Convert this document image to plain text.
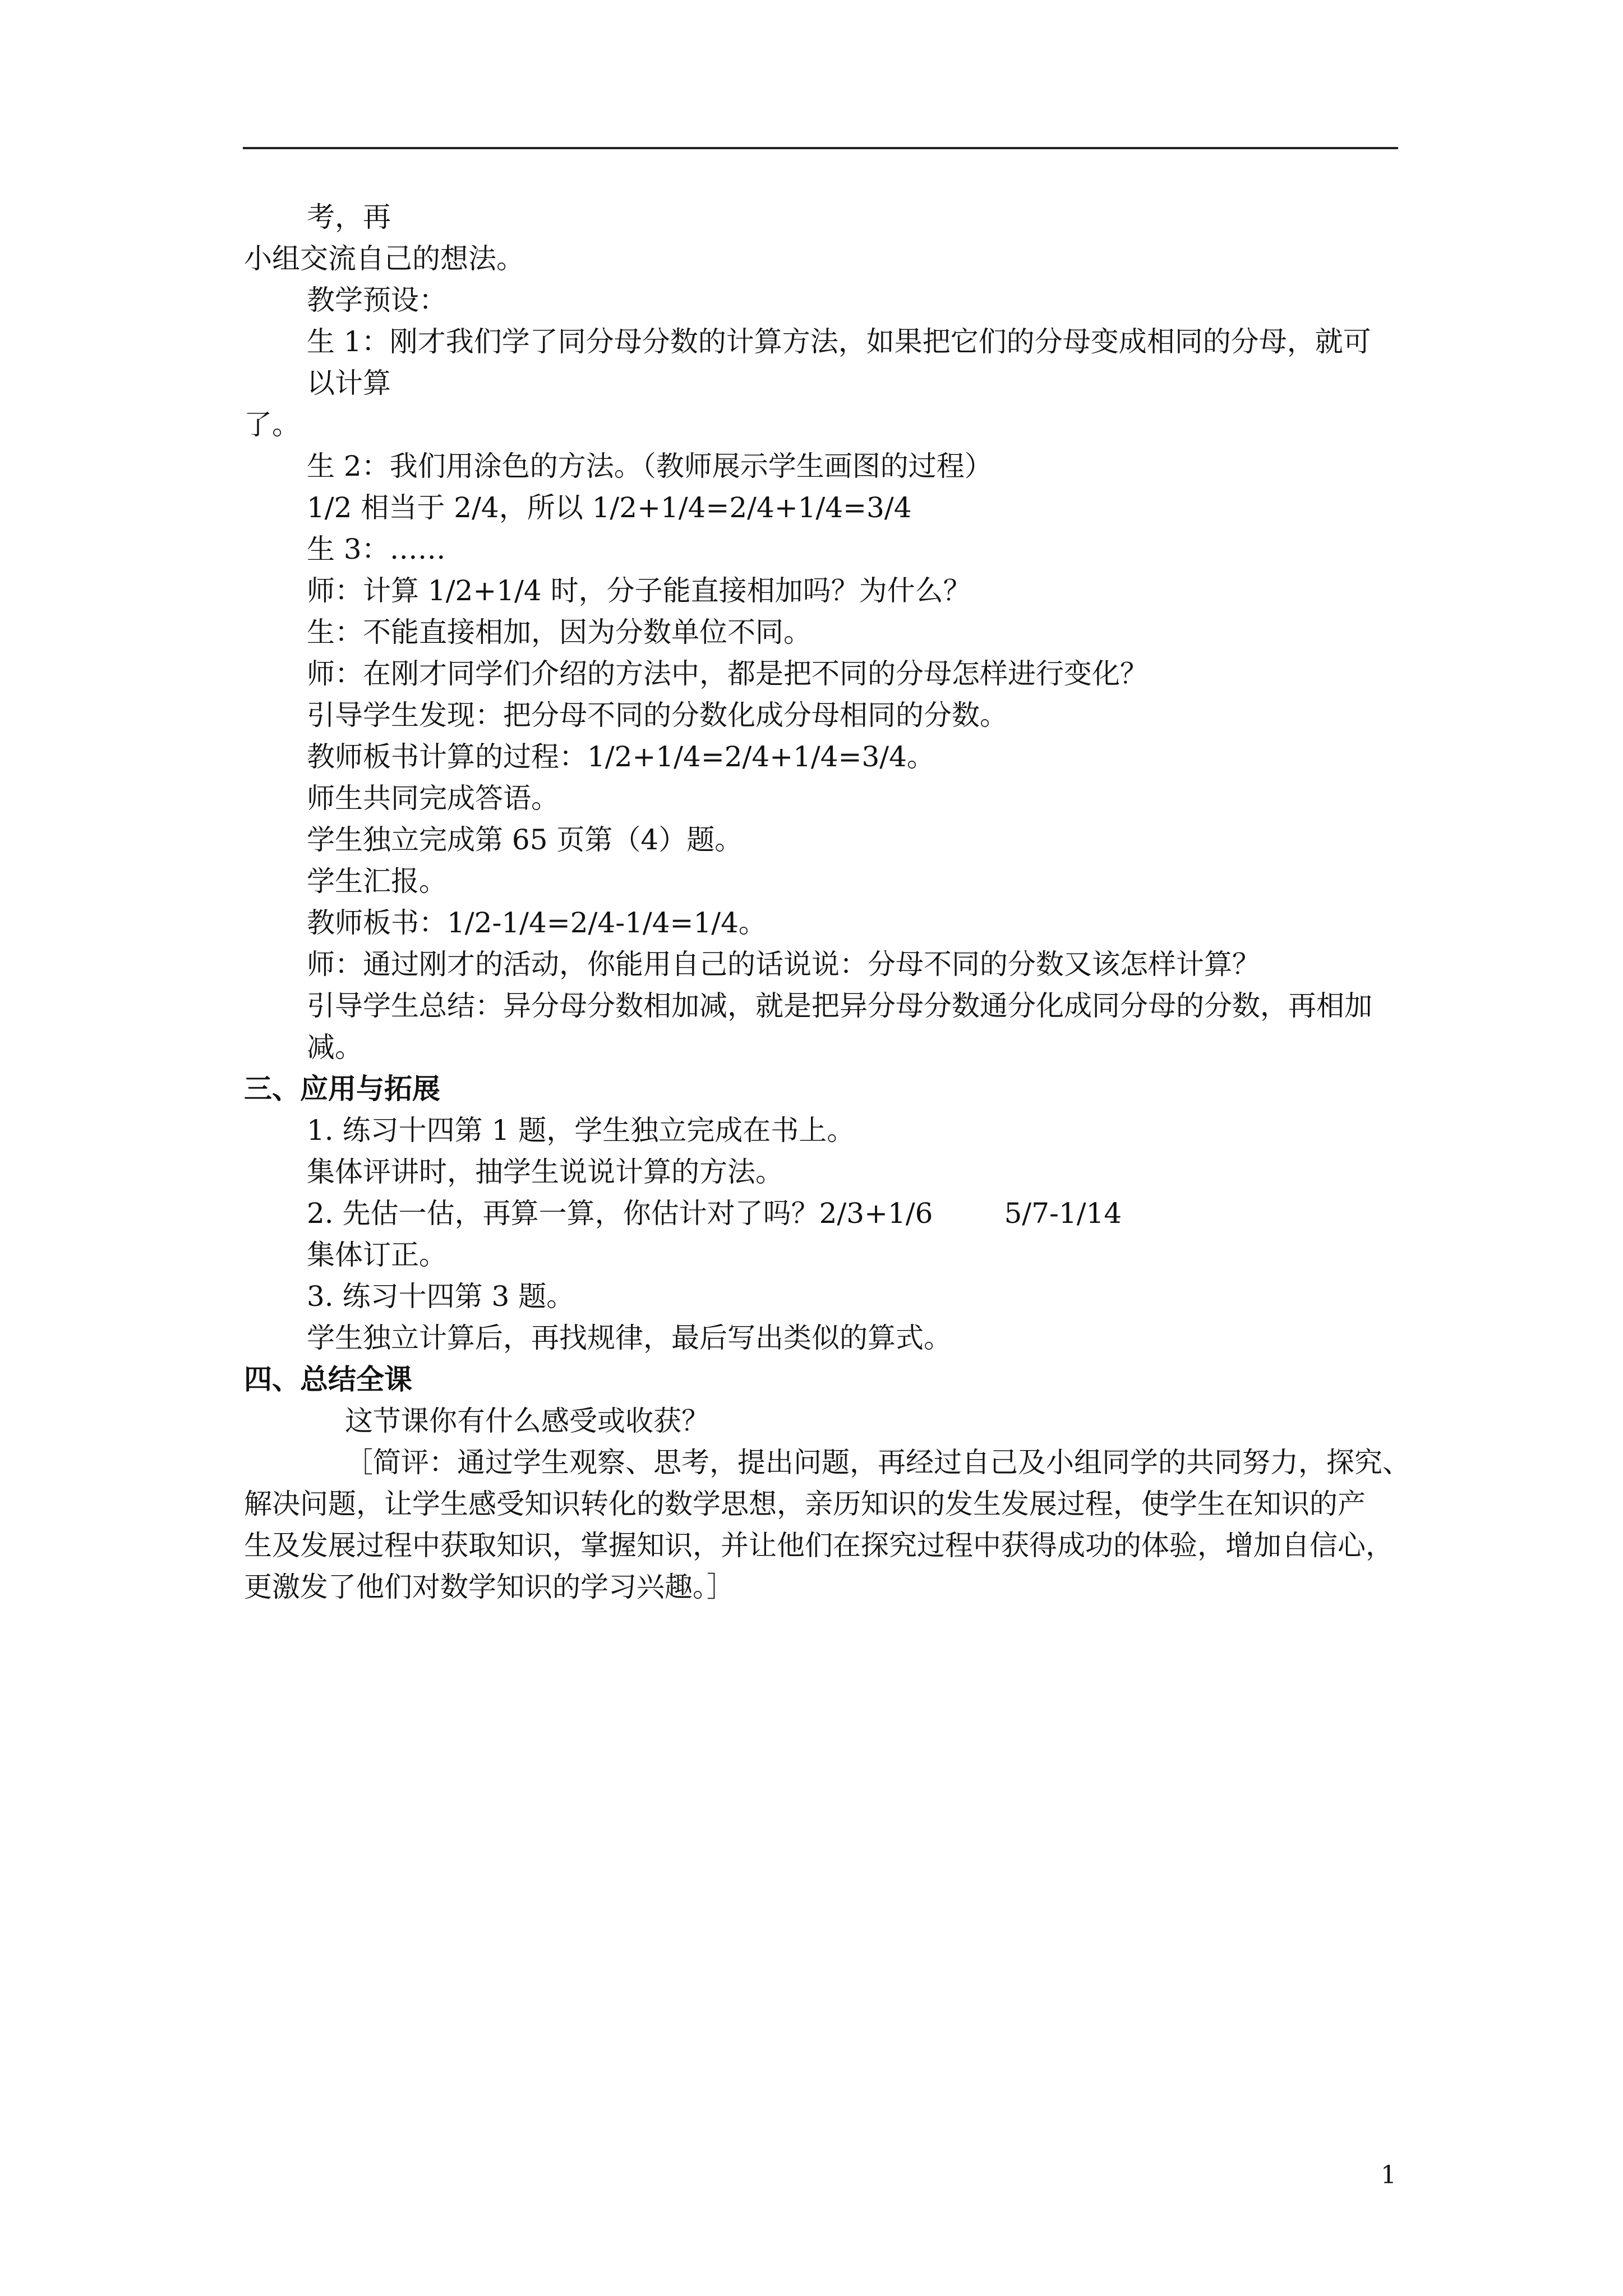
考，再
小组交流自己的想法。
教学预设：
生 1：刚才我们学了同分母分数的计算方法，如果把它们的分母变成相同的分母，就可
以计算
了。
生 2：我们用涂色的方法。（教师展示学生画图的过程）
1/2 相当于 2/4，所以 1/2+1/4=2/4+1/4=3/4
生 3：……
师：计算 1/2+1/4 时，分子能直接相加吗？为什么？
生：不能直接相加，因为分数单位不同。
师：在刚才同学们介绍的方法中，都是把不同的分母怎样进行变化？
引导学生发现：把分母不同的分数化成分母相同的分数。
教师板书计算的过程：1/2+1/4=2/4+1/4=3/4。
师生共同完成答语。
学生独立完成第 65 页第（4）题。
学生汇报。
教师板书：1/2-1/4=2/4-1/4=1/4。
师：通过刚才的活动，你能用自己的话说说：分母不同的分数又该怎样计算？
引导学生总结：异分母分数相加减，就是把异分母分数通分化成同分母的分数，再相加
减。
三、应用与拓展
1. 练习十四第 1 题，学生独立完成在书上。
集体评讲时，抽学生说说计算的方法。
2. 先估一估，再算一算，你估计对了吗？2/3+1/6        5/7-1/14
集体订正。
3. 练习十四第 3 题。
学生独立计算后，再找规律，最后写出类似的算式。
四、总结全课
这节课你有什么感受或收获？
［简评：通过学生观察、思考，提出问题，再经过自己及小组同学的共同努力，探究、
解决问题，让学生感受知识转化的数学思想，亲历知识的发生发展过程，使学生在知识的产
生及发展过程中获取知识，掌握知识，并让他们在探究过程中获得成功的体验，增加自信心，
更激发了他们对数学知识的学习兴趣。］
1
